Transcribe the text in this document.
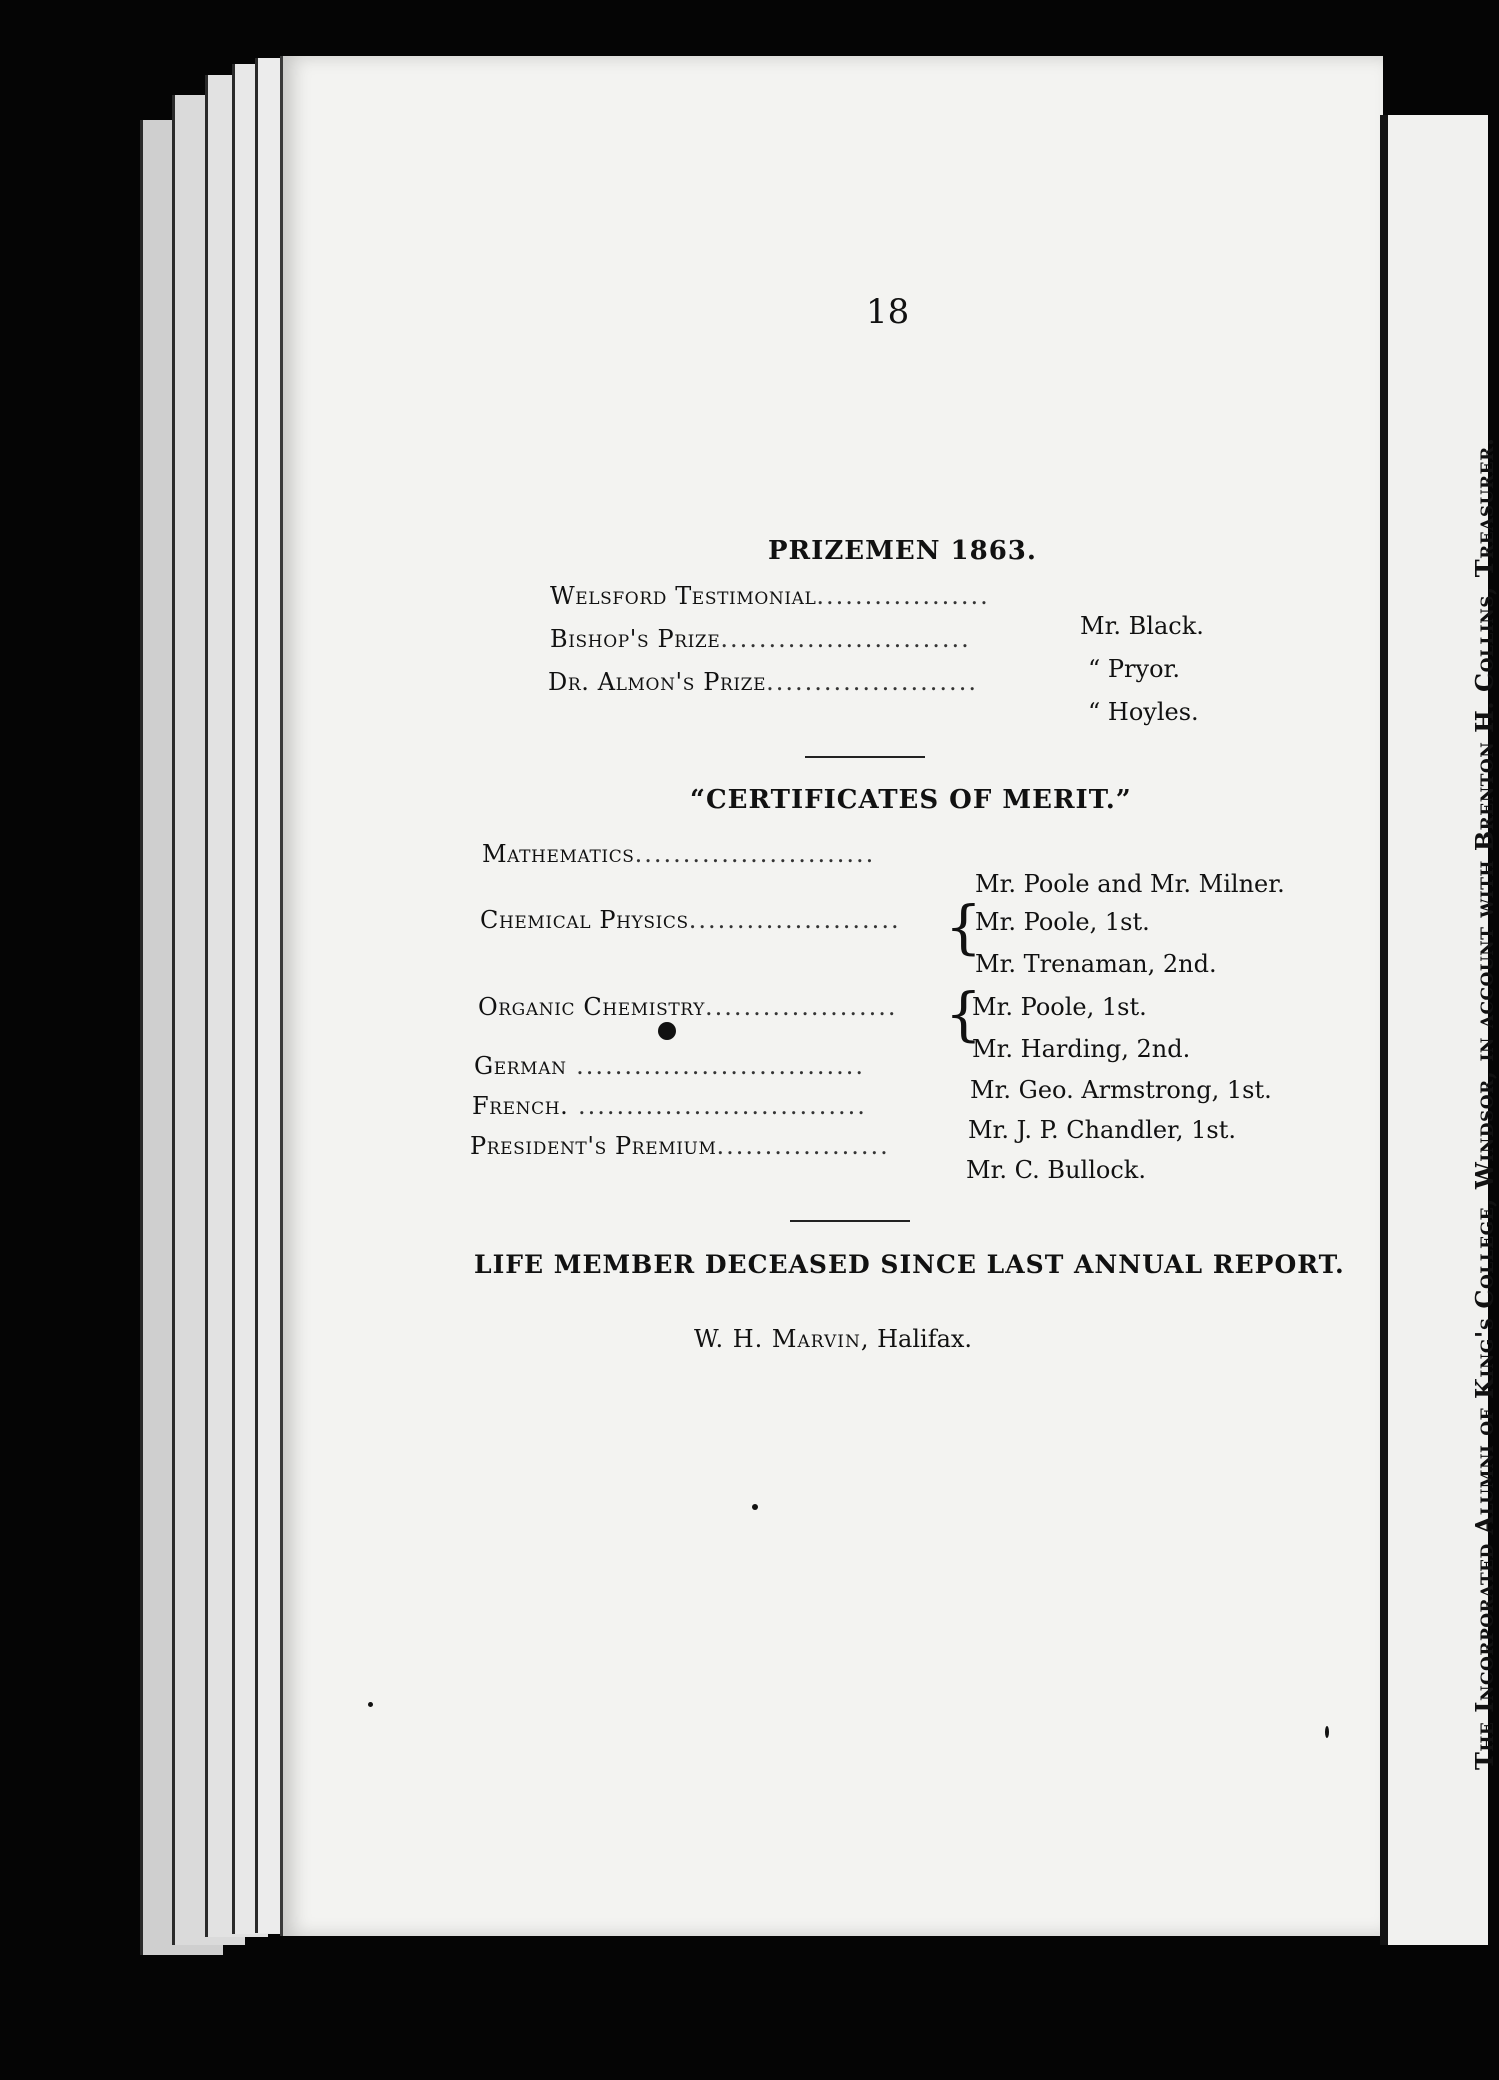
The Incorporated Alumni of King's College, Windsor, in account with Brenton H. Collins, Treasurer.
18
PRIZEMEN 1863.
Welsford Testimonial..................
Mr. Black.
Bishop's Prize..........................
“ Pryor.
Dr. Almon's Prize......................
“ Hoyles.
“CERTIFICATES OF MERIT.”
Mathematics.........................
Mr. Poole and Mr. Milner.
Chemical Physics...................... {
Mr. Poole, 1st.
Mr. Trenaman, 2nd.
Organic Chemistry.................... {
Mr. Poole, 1st.
Mr. Harding, 2nd.
German ..............................
Mr. Geo. Armstrong, 1st.
French. ..............................
Mr. J. P. Chandler, 1st.
President's Premium..................
Mr. C. Bullock.
LIFE MEMBER DECEASED SINCE LAST ANNUAL REPORT.
W. H. Marvin, Halifax.
